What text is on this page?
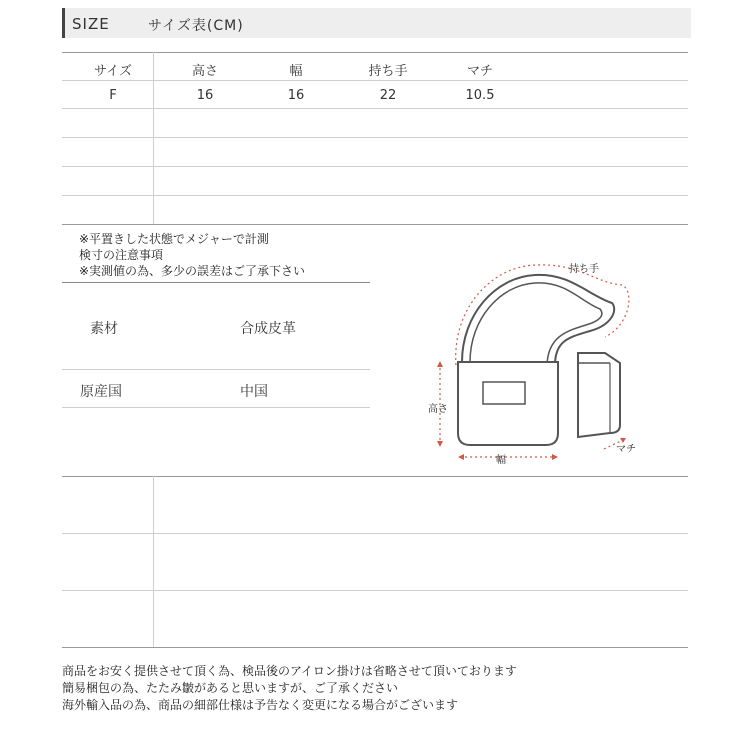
SIZE	サイズ表(CM)
サイズ	高さ	幅	持ち手	マチ
F	16	16	22	10.5
※平置きした状態でメジャーで計測
検寸の注意事項
※実測値の為、多少の誤差はご了承下さい
素材	合成皮革
原産国	中国
持ち手
高さ
幅
マチ
商品をお安く提供させて頂く為、検品後のアイロン掛けは省略させて頂いております
簡易梱包の為、たたみ皺があると思いますが、ご了承ください
海外輸入品の為、商品の細部仕様は予告なく変更になる場合がございます
